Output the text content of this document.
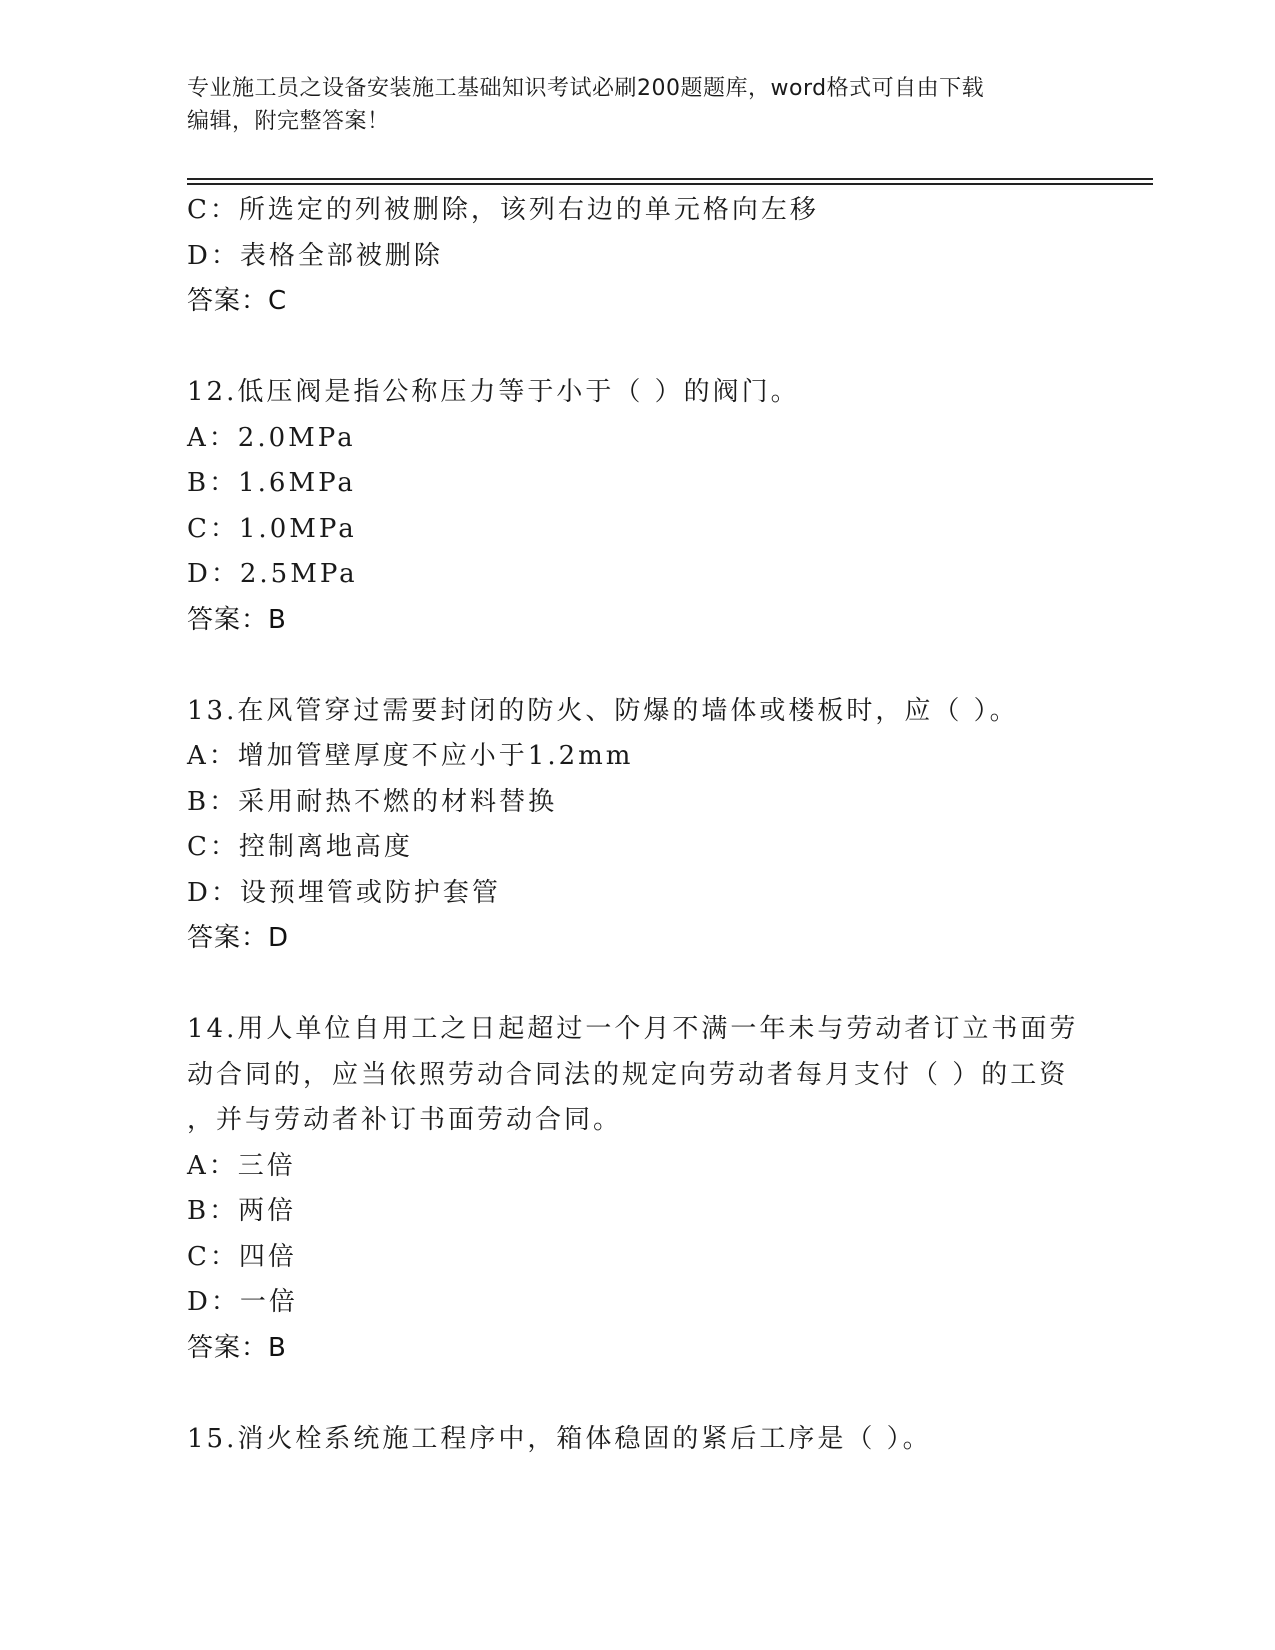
专业施工员之设备安装施工基础知识考试必刷200题题库，word格式可自由下载
编辑，附完整答案！
C：所选定的列被删除，该列右边的单元格向左移
D：表格全部被删除
答案：C
12.低压阀是指公称压力等于小于（ ）的阀门。
A：2.0MPa
B：1.6MPa
C：1.0MPa
D：2.5MPa
答案：B
13.在风管穿过需要封闭的防火、防爆的墙体或楼板时，应（ ）。
A：增加管壁厚度不应小于1.2mm
B：采用耐热不燃的材料替换
C：控制离地高度
D：设预埋管或防护套管
答案：D
14.用人单位自用工之日起超过一个月不满一年未与劳动者订立书面劳
动合同的，应当依照劳动合同法的规定向劳动者每月支付（ ）的工资
，并与劳动者补订书面劳动合同。
A：三倍
B：两倍
C：四倍
D：一倍
答案：B
15.消火栓系统施工程序中，箱体稳固的紧后工序是（ ）。
